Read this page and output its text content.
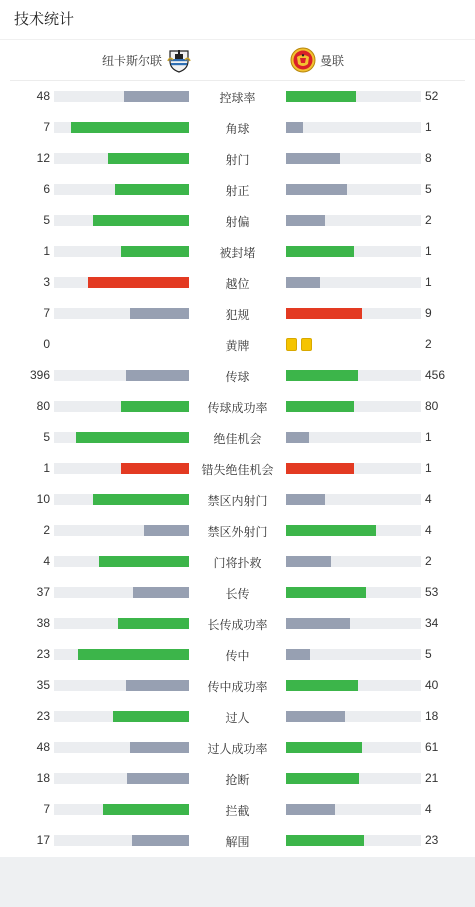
技术统计
纽卡斯尔联	曼联
48	控球率	52
7	角球	1
12	射门	8
6	射正	5
5	射偏	2
1	被封堵	1
3	越位	1
7	犯规	9
0	黄牌	2
396	传球	456
80	传球成功率	80
5	绝佳机会	1
1	错失绝佳机会	1
10	禁区内射门	4
2	禁区外射门	4
4	门将扑救	2
37	长传	53
38	长传成功率	34
23	传中	5
35	传中成功率	40
23	过人	18
48	过人成功率	61
18	抢断	21
7	拦截	4
17	解围	23
